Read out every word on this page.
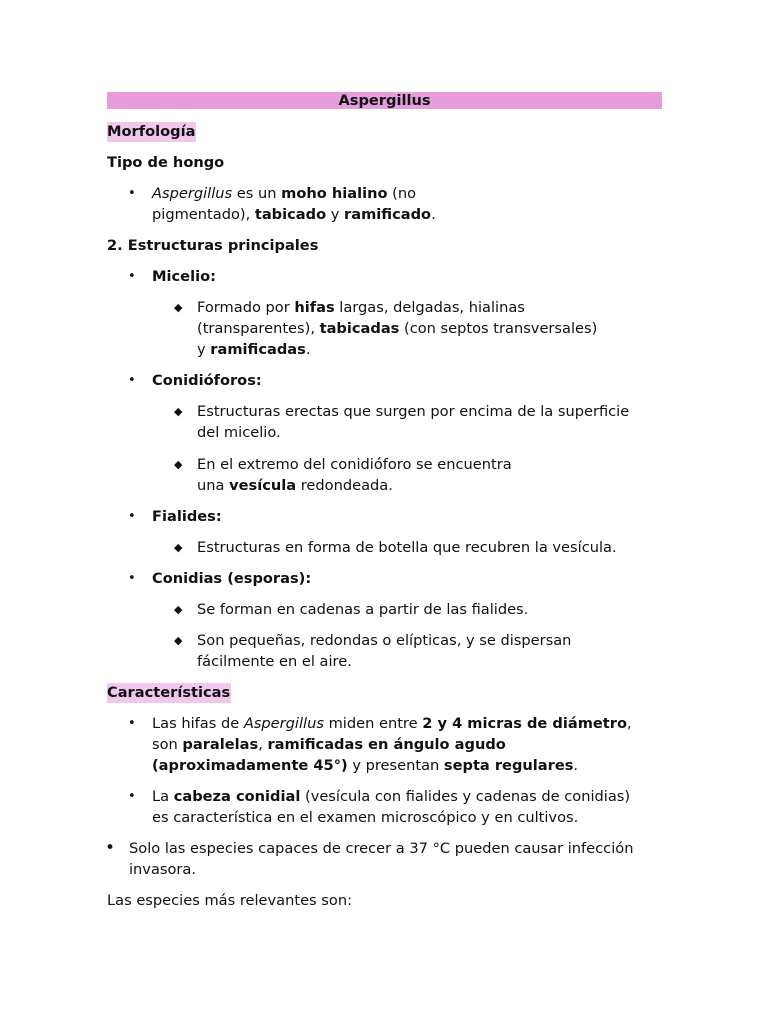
Aspergillus
Morfología
Tipo de hongo
• Aspergillus es un moho hialino (no
pigmentado), tabicado y ramificado.
2. Estructuras principales
• Micelio:
◆ Formado por hifas largas, delgadas, hialinas
(transparentes), tabicadas (con septos transversales)
y ramificadas.
• Conidióforos:
◆ Estructuras erectas que surgen por encima de la superficie
del micelio.
◆ En el extremo del conidióforo se encuentra
una vesícula redondeada.
• Fialides:
◆ Estructuras en forma de botella que recubren la vesícula.
• Conidias (esporas):
◆ Se forman en cadenas a partir de las fialides.
◆ Son pequeñas, redondas o elípticas, y se dispersan
fácilmente en el aire.
Características
• Las hifas de Aspergillus miden entre 2 y 4 micras de diámetro,
son paralelas, ramificadas en ángulo agudo
(aproximadamente 45°) y presentan septa regulares.
• La cabeza conidial (vesícula con fialides y cadenas de conidias)
es característica en el examen microscópico y en cultivos.
• Solo las especies capaces de crecer a 37 °C pueden causar infección
invasora.
Las especies más relevantes son:
